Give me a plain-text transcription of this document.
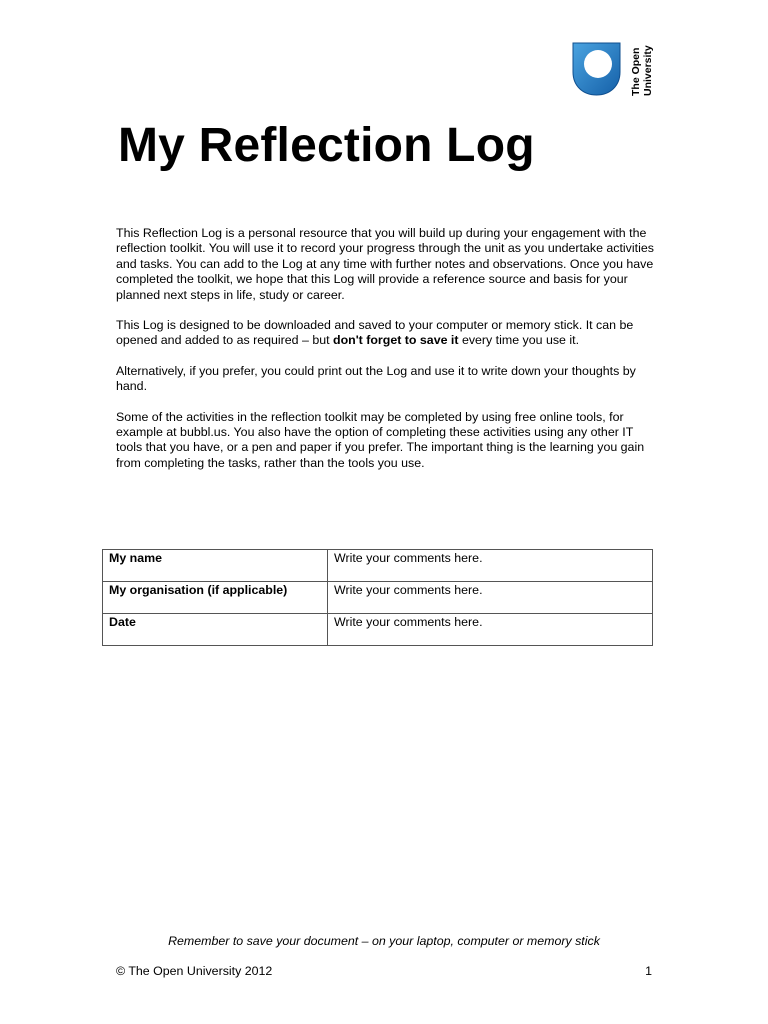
The Open University
My Reflection Log

This Reflection Log is a personal resource that you will build up during your engagement with the reflection toolkit. You will use it to record your progress through the unit as you undertake activities and tasks. You can add to the Log at any time with further notes and observations. Once you have completed the toolkit, we hope that this Log will provide a reference source and basis for your planned next steps in life, study or career.

This Log is designed to be downloaded and saved to your computer or memory stick. It can be opened and added to as required – but don't forget to save it every time you use it.

Alternatively, if you prefer, you could print out the Log and use it to write down your thoughts by hand.

Some of the activities in the reflection toolkit may be completed by using free online tools, for example at bubbl.us. You also have the option of completing these activities using any other IT tools that you have, or a pen and paper if you prefer. The important thing is the learning you gain from completing the tasks, rather than the tools you use.

My name	Write your comments here.
My organisation (if applicable)	Write your comments here.
Date	Write your comments here.
Remember to save your document – on your laptop, computer or memory stick
© The Open University 2012	1
